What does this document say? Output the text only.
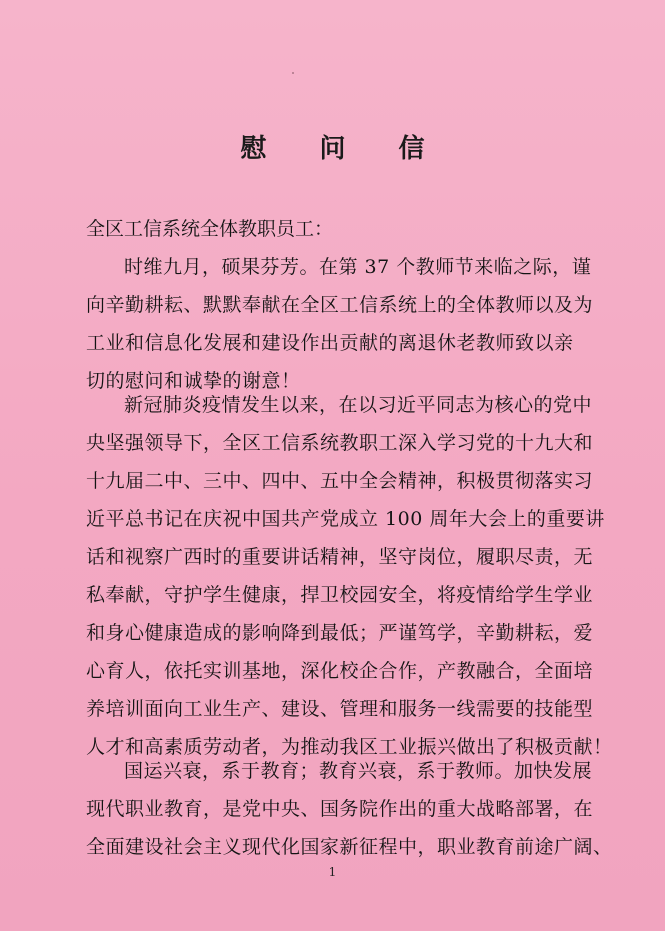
慰 问 信
全区工信系统全体教职员工：
时维九月，硕果芬芳。在第 37 个教师节来临之际，谨
向辛勤耕耘、默默奉献在全区工信系统上的全体教师以及为
工业和信息化发展和建设作出贡献的离退休老教师致以亲
切的慰问和诚挚的谢意！
新冠肺炎疫情发生以来，在以习近平同志为核心的党中
央坚强领导下，全区工信系统教职工深入学习党的十九大和
十九届二中、三中、四中、五中全会精神，积极贯彻落实习
近平总书记在庆祝中国共产党成立 100 周年大会上的重要讲
话和视察广西时的重要讲话精神，坚守岗位，履职尽责，无
私奉献，守护学生健康，捍卫校园安全，将疫情给学生学业
和身心健康造成的影响降到最低；严谨笃学，辛勤耕耘，爱
心育人，依托实训基地，深化校企合作，产教融合，全面培
养培训面向工业生产、建设、管理和服务一线需要的技能型
人才和高素质劳动者，为推动我区工业振兴做出了积极贡献！
国运兴衰，系于教育；教育兴衰，系于教师。加快发展
现代职业教育，是党中央、国务院作出的重大战略部署，在
全面建设社会主义现代化国家新征程中，职业教育前途广阔、
1
